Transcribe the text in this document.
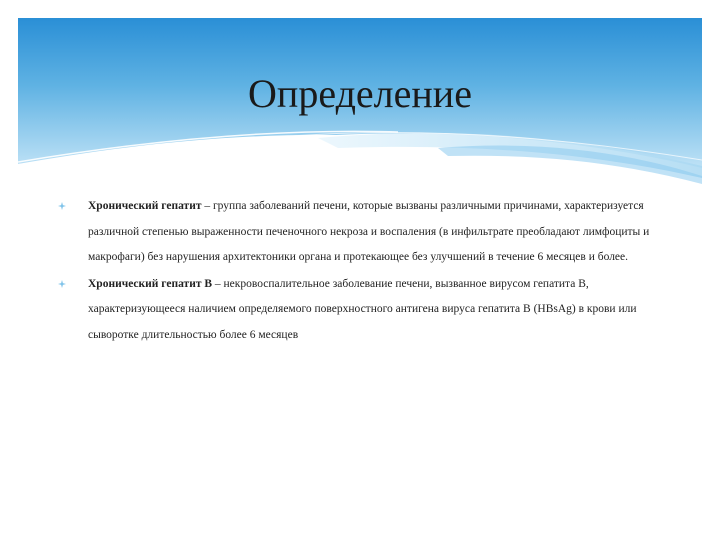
Определение

Хронический гепатит – группа заболеваний печени, которые вызваны различными причинами, характеризуется различной степенью выраженности печеночного некроза и воспаления (в инфильтрате преобладают лимфоциты и макрофаги) без нарушения архитектоники органа и протекающее без улучшений в течение 6 месяцев и более.

Хронический гепатит В – некровоспалительное заболевание печени, вызванное вирусом гепатита В, характеризующееся наличием определяемого поверхностного антигена вируса гепатита В (HBsAg) в крови или сыворотке длительностью более 6 месяцев
